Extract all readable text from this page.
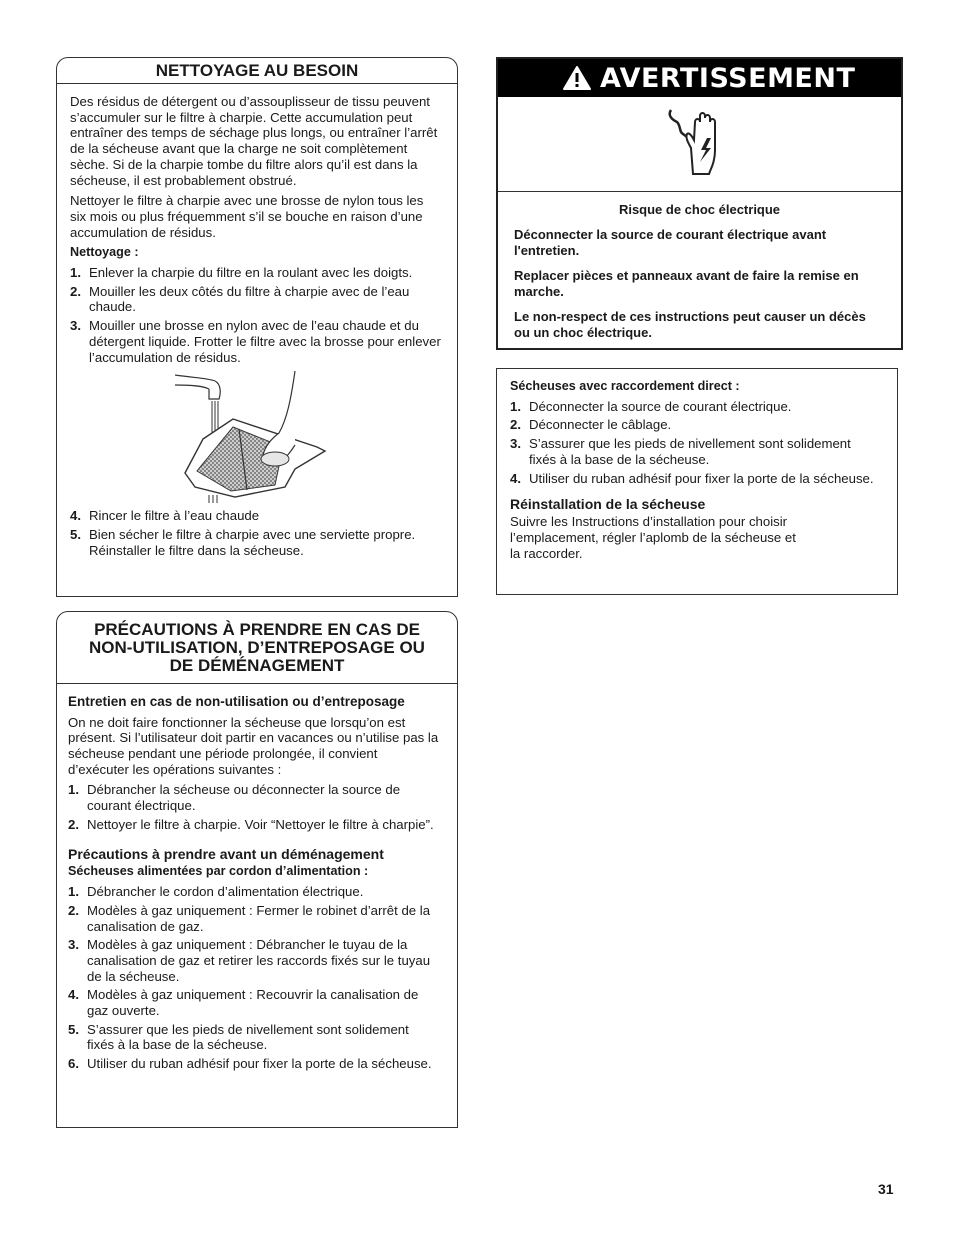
NETTOYAGE AU BESOIN

Des résidus de détergent ou d’assouplisseur de tissu peuvent s’accumuler sur le filtre à charpie. Cette accumulation peut entraîner des temps de séchage plus longs, ou entraîner l’arrêt de la sécheuse avant que la charge ne soit complètement sèche. Si de la charpie tombe du filtre alors qu’il est dans la sécheuse, il est probablement obstrué.

Nettoyer le filtre à charpie avec une brosse de nylon tous les six mois ou plus fréquemment s’il se bouche en raison d’une accumulation de résidus.

Nettoyage :
1. Enlever la charpie du filtre en la roulant avec les doigts.
2. Mouiller les deux côtés du filtre à charpie avec de l’eau chaude.
3. Mouiller une brosse en nylon avec de l’eau chaude et du détergent liquide. Frotter le filtre avec la brosse pour enlever l’accumulation de résidus.
4. Rincer le filtre à l’eau chaude
5. Bien sécher le filtre à charpie avec une serviette propre. Réinstaller le filtre dans la sécheuse.
PRÉCAUTIONS À PRENDRE EN CAS DE NON-UTILISATION, D’ENTREPOSAGE OU DE DÉMÉNAGEMENT
Entretien en cas de non-utilisation ou d’entreposage

On ne doit faire fonctionner la sécheuse que lorsqu’on est présent. Si l’utilisateur doit partir en vacances ou n’utilise pas la sécheuse pendant une période prolongée, il convient d’exécuter les opérations suivantes :

1. Débrancher la sécheuse ou déconnecter la source de courant électrique.
2. Nettoyer le filtre à charpie. Voir “Nettoyer le filtre à charpie”.
Précautions à prendre avant un déménagement
Sécheuses alimentées par cordon d’alimentation :
1. Débrancher le cordon d’alimentation électrique.
2. Modèles à gaz uniquement : Fermer le robinet d’arrêt de la canalisation de gaz.
3. Modèles à gaz uniquement : Débrancher le tuyau de la canalisation de gaz et retirer les raccords fixés sur le tuyau de la sécheuse.
4. Modèles à gaz uniquement : Recouvrir la canalisation de gaz ouverte.
5. S’assurer que les pieds de nivellement sont solidement fixés à la base de la sécheuse.
6. Utiliser du ruban adhésif pour fixer la porte de la sécheuse.
AVERTISSEMENT

Risque de choc électrique

Déconnecter la source de courant électrique avant l'entretien.

Replacer pièces et panneaux avant de faire la remise en marche.

Le non-respect de ces instructions peut causer un décès ou un choc électrique.

Sécheuses avec raccordement direct :
1. Déconnecter la source de courant électrique.
2. Déconnecter le câblage.
3. S’assurer que les pieds de nivellement sont solidement fixés à la base de la sécheuse.
4. Utiliser du ruban adhésif pour fixer la porte de la sécheuse.
Réinstallation de la sécheuse

Suivre les Instructions d’installation pour choisir l’emplacement, régler l’aplomb de la sécheuse et la raccorder.

31
